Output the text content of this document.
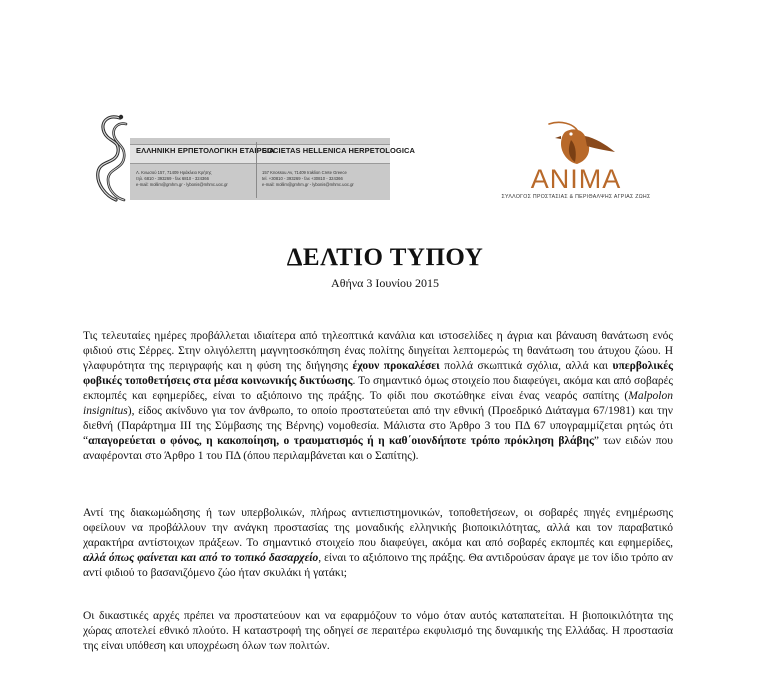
ΕΛΛΗΝΙΚΗ ΕΡΠΕΤΟΛΟΓΙΚΗ ΕΤΑΙΡΕΙΑ
SOCIETAS HELLENICA HERPETOLOGICA
Λ. Κνωσού 157, 71409 Ηράκλειο Κρήτης
τηλ. 6810 - 393269 - fax 6810 - 324366
e-mail: mollim@gmhm.gr - lybonis@mhmc.uoc.gr
157 Knossou Av, 71409 Iraklion Crete Greece
tel. +30810 - 393269 - fax +30810 - 324366
e-mail: mollim@gmhm.gr - lybonis@mhmc.uoc.gr	ANIMA
ΣΥΛΛΟΓΟΣ ΠΡΟΣΤΑΣΙΑΣ & ΠΕΡΙΘΑΛΨΗΣ ΑΓΡΙΑΣ ΖΩΗΣ
ΔΕΛΤΙΟ ΤΥΠΟΥ
Αθήνα 3 Ιουνίου 2015

Τις τελευταίες ημέρες προβάλλεται ιδιαίτερα από τηλεοπτικά κανάλια και ιστοσελίδες η άγρια και βάναυση θανάτωση ενός φιδιού στις Σέρρες. Στην ολιγόλεπτη μαγνητοσκόπηση ένας πολίτης διηγείται λεπτομερώς τη θανάτωση του άτυχου ζώου. Η γλαφυρότητα της περιγραφής και η φύση της διήγησης έχουν προκαλέσει πολλά σκωπτικά σχόλια, αλλά και υπερβολικές φοβικές τοποθετήσεις στα μέσα κοινωνικής δικτύωσης. Το σημαντικό όμως στοιχείο που διαφεύγει, ακόμα και από σοβαρές εκπομπές και εφημερίδες, είναι το αξιόποινο της πράξης. Το φίδι που σκοτώθηκε είναι ένας νεαρός σαπίτης (Malpolon insignitus), είδος ακίνδυνο για τον άνθρωπο, το οποίο προστατεύεται από την εθνική (Προεδρικό Διάταγμα 67/1981) και την διεθνή (Παράρτημα ΙΙΙ της Σύμβασης της Βέρνης) νομοθεσία. Μάλιστα στο Άρθρο 3 του ΠΔ 67 υπογραμμίζεται ρητώς ότι “απαγορεύεται ο φόνος, η κακοποίηση, ο τραυματισμός ή η καθ΄οιονδήποτε τρόπο πρόκληση βλάβης” των ειδών που αναφέρονται στο Άρθρο 1 του ΠΔ (όπου περιλαμβάνεται και ο Σαπίτης).

Αντί της διακωμώδησης ή των υπερβολικών, πλήρως αντιεπιστημονικών, τοποθετήσεων, οι σοβαρές πηγές ενημέρωσης οφείλουν να προβάλλουν την ανάγκη προστασίας της μοναδικής ελληνικής βιοποικιλότητας, αλλά και τον παραβατικό χαρακτήρα αντίστοιχων πράξεων. Το σημαντικό στοιχείο που διαφεύγει, ακόμα και από σοβαρές εκπομπές και εφημερίδες, αλλά όπως φαίνεται και από το τοπικό δασαρχείο, είναι το αξιόποινο της πράξης. Θα αντιδρούσαν άραγε με τον ίδιο τρόπο αν αντί φιδιού το βασανιζόμενο ζώο ήταν σκυλάκι ή γατάκι;

Οι δικαστικές αρχές πρέπει να προστατεύουν και να εφαρμόζουν το νόμο όταν αυτός καταπατείται. Η βιοποικιλότητα της χώρας αποτελεί εθνικό πλούτο. Η καταστροφή της οδηγεί σε περαιτέρω εκφυλισμό της δυναμικής της Ελλάδας. Η προστασία της είναι υπόθεση και υποχρέωση όλων των πολιτών.
